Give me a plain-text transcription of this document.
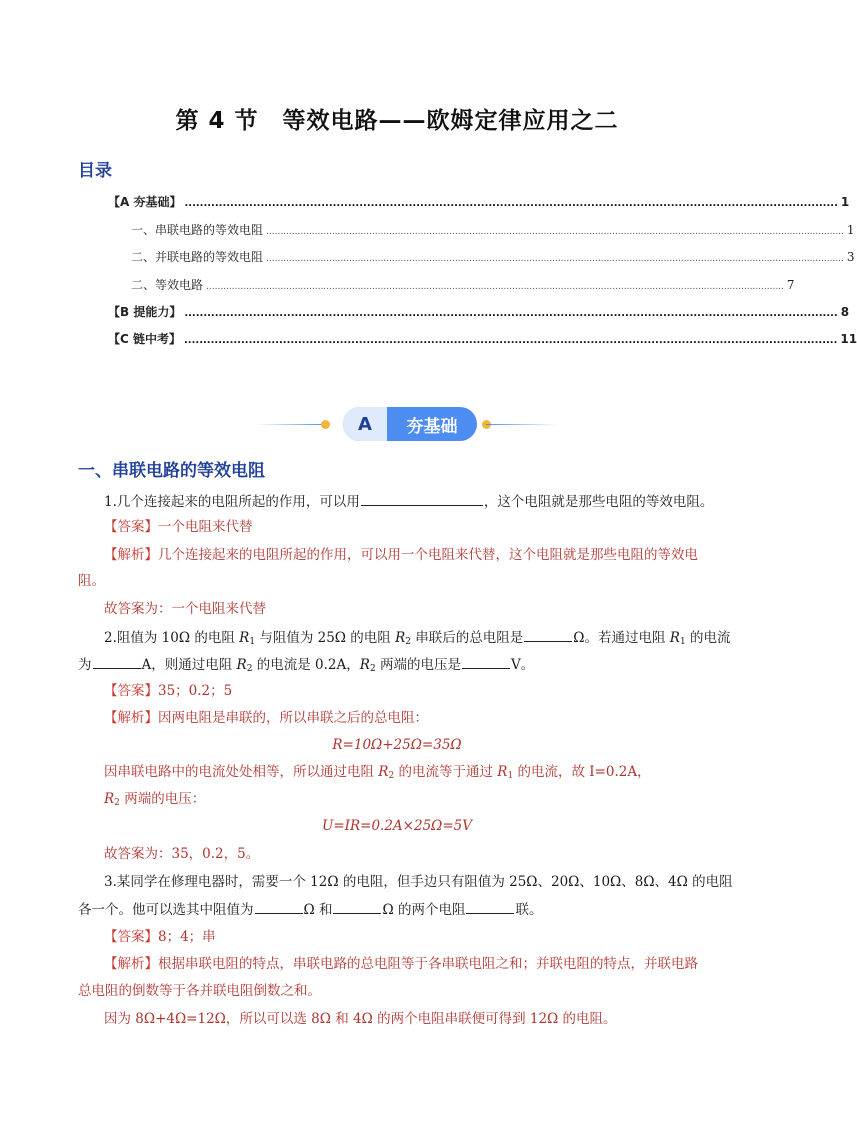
第 4 节　等效电路——欧姆定律应用之二
目录
【A 夯基础】 ............................................................................................................................................................................ 1
一、串联电路的等效电阻 .......................................................................................................................................................................................................... 1
二、并联电路的等效电阻 .......................................................................................................................................................................................................... 3
二、等效电路 .......................................................................................................................................................................................................... 7
【B 提能力】 ............................................................................................................................................................................ 8
【C 链中考】 ............................................................................................................................................................................ 11
A	夯基础
一、串联电路的等效电阻
1.几个连接起来的电阻所起的作用，可以用	，这个电阻就是那些电阻的等效电阻。
【答案】一个电阻来代替
【解析】几个连接起来的电阻所起的作用，可以用一个电阻来代替，这个电阻就是那些电阻的等效电
阻。
故答案为：一个电阻来代替
2.阻值为 10Ω 的电阻 $R_1$ 与阻值为 25Ω 的电阻 $R_2$ 串联后的总电阻是	Ω。若通过电阻 $R_1$ 的电流
为	A，则通过电阻 $R_2$ 的电流是 0.2A，$R_2$ 两端的电压是	V。
【答案】35；0.2；5
【解析】因两电阻是串联的，所以串联之后的总电阻：
R=10Ω+25Ω=35Ω
因串联电路中的电流处处相等，所以通过电阻 $R_2$ 的电流等于通过 $R_1$ 的电流，故 I=0.2A，
$R_2$ 两端的电压：
U=IR=0.2A×25Ω=5V
故答案为：35，0.2，5。
3.某同学在修理电器时，需要一个 12Ω 的电阻，但手边只有阻值为 25Ω、20Ω、10Ω、8Ω、4Ω 的电阻
各一个。他可以选其中阻值为	Ω 和	Ω 的两个电阻	联。
【答案】8；4；串
【解析】根据串联电阻的特点，串联电路的总电阻等于各串联电阻之和；并联电阻的特点，并联电路
总电阻的倒数等于各并联电阻倒数之和。
因为 8Ω+4Ω=12Ω，所以可以选 8Ω 和 4Ω 的两个电阻串联便可得到 12Ω 的电阻。
